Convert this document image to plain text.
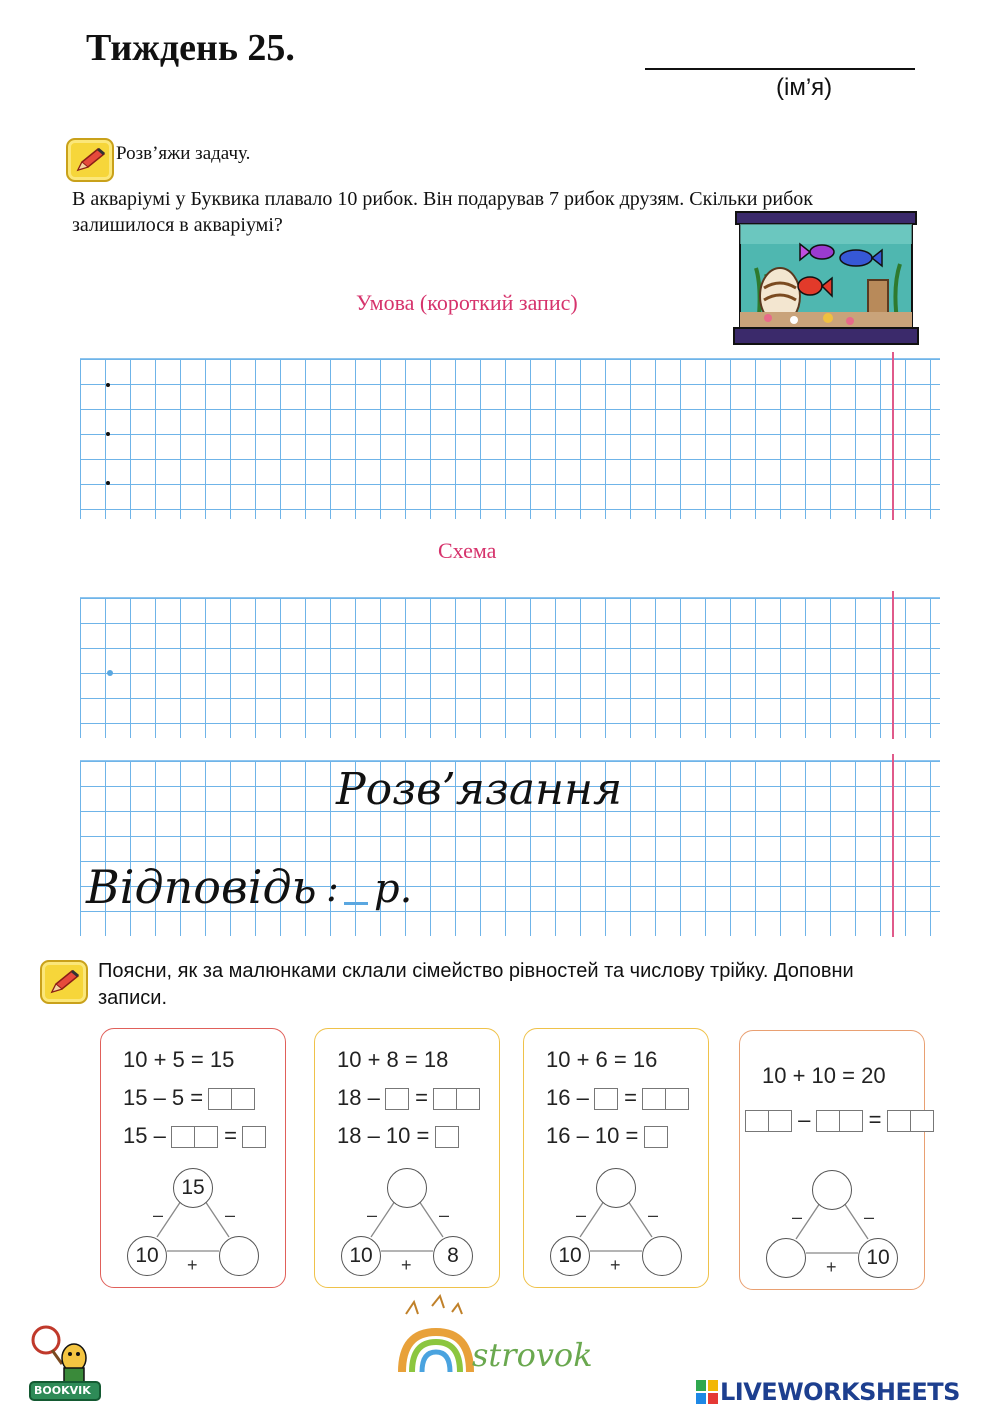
Тиждень 25.
(ім’я)
Розв’яжи задачу.
В акваріумі у Буквика плавало 10 рибок. Він подарував 7 рибок друзям. Скільки рибок залишилося в акваріумі?
Умова (короткий запис)
Схема
Розв’язання
Відповідь : р.
Поясни, як за малюнками склали сімейство рівностей та числову трійку. Доповни записи.
10 + 5 = 15
15 – 5 =
15 –	=
15
10
–	–
+
10 + 8 = 18
18 – =
18 – 10 =
10	8
–	–
+
10 + 6 = 16
16 – =
16 – 10 =
10
–	–
+
10 + 10 = 20
–	=
10
–	–
+
BOOKVIK
strovok
LIVEWORKSHEETS
